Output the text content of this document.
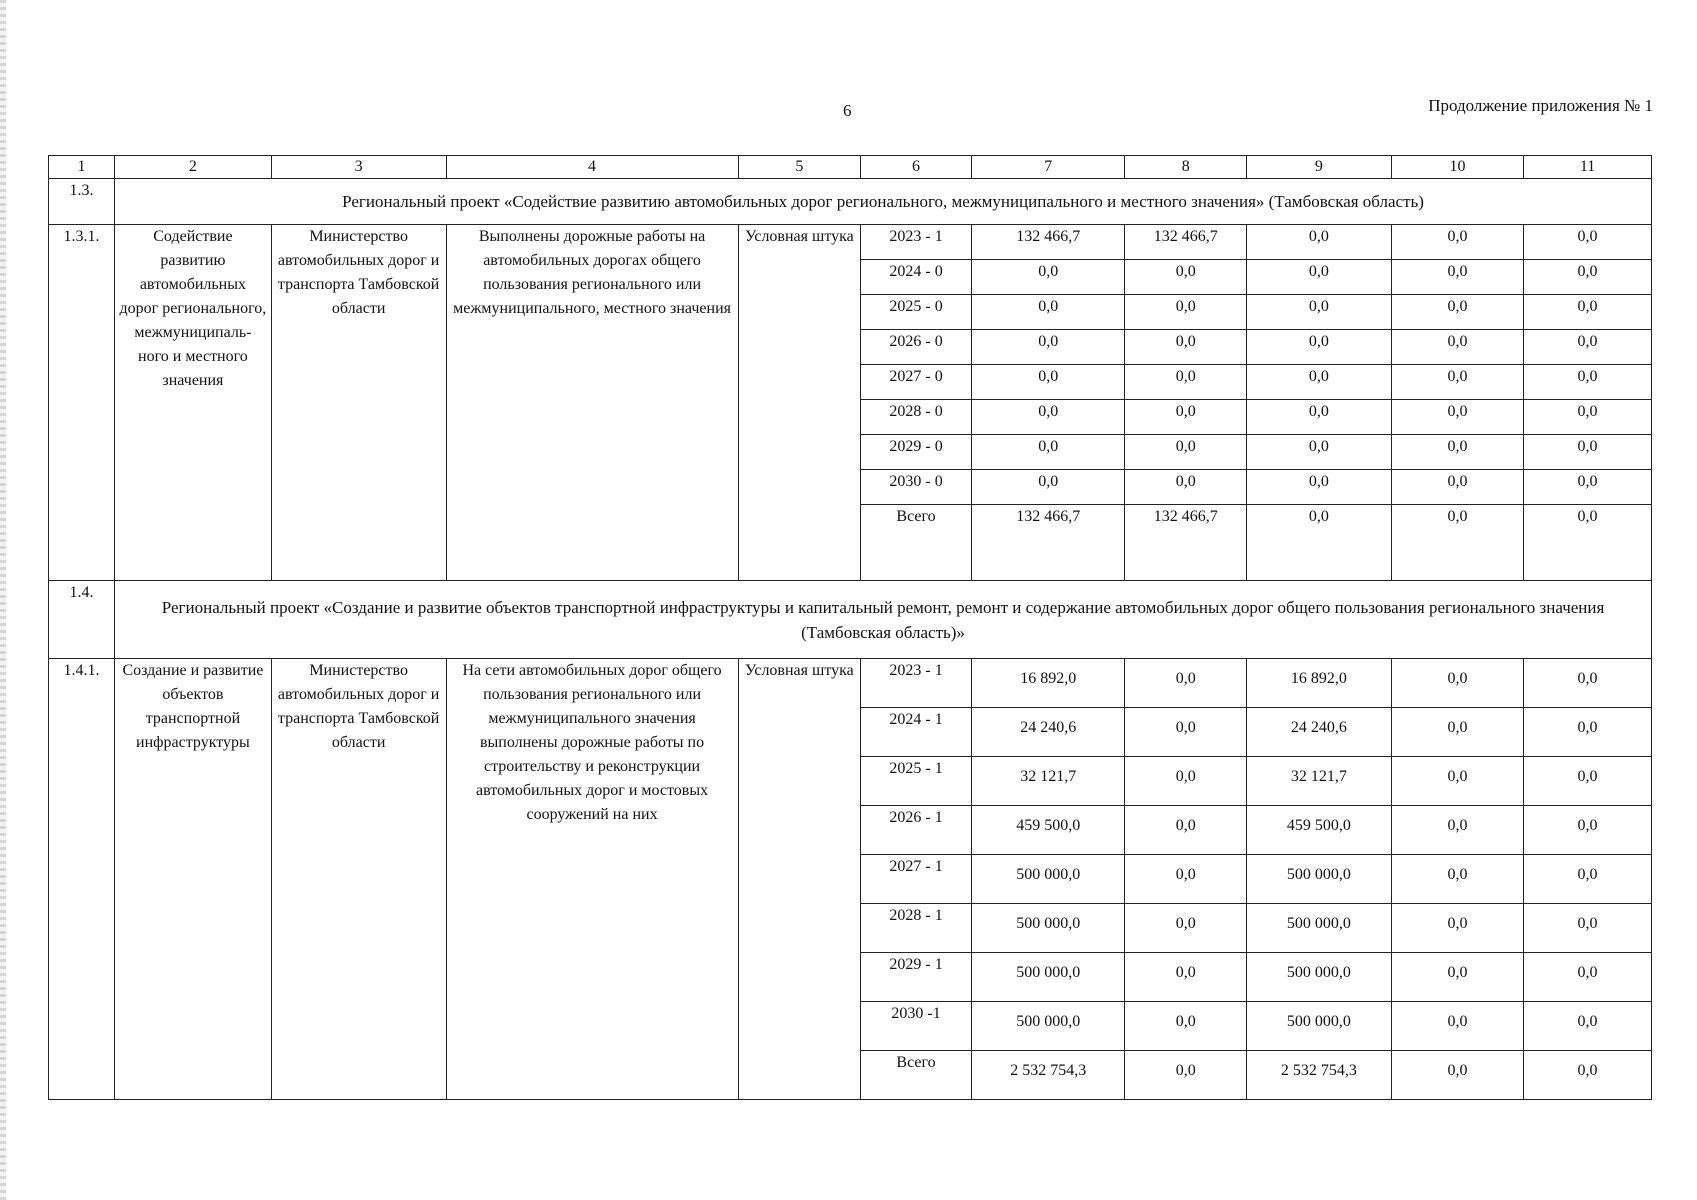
6	Продолжение приложения № 1
1	2	3	4	5	6	7	8	9	10	11
1.3.	Региональный проект «Содействие развитию автомобильных дорог регионального, межмуниципального и местного значения» (Тамбовская область)									
1.3.1.	Содействие развитию автомобильных дорог регионального, межмуниципаль-ного и местного значения	Министерство автомобильных дорог и транспорта Тамбовской области	Выполнены дорожные работы на автомобильных дорогах общего пользования регионального или межмуниципального, местного значения	Условная штука	2023 - 1	132 466,7	132 466,7	0,0	0,0	0,0
					2024 - 0	0,0	0,0	0,0	0,0	0,0
					2025 - 0	0,0	0,0	0,0	0,0	0,0
					2026 - 0	0,0	0,0	0,0	0,0	0,0
					2027 - 0	0,0	0,0	0,0	0,0	0,0
					2028 - 0	0,0	0,0	0,0	0,0	0,0
					2029 - 0	0,0	0,0	0,0	0,0	0,0
					2030 - 0	0,0	0,0	0,0	0,0	0,0
					Всего	132 466,7	132 466,7	0,0	0,0	0,0
1.4.	Региональный проект «Создание и развитие объектов транспортной инфраструктуры и капитальный ремонт, ремонт и содержание автомобильных дорог общего пользования регионального значения (Тамбовская область)»									
1.4.1.	Создание и развитие объектов транспортной инфраструктуры	Министерство автомобильных дорог и транспорта Тамбовской области	На сети автомобильных дорог общего пользования регионального или межмуниципального значения выполнены дорожные работы по строительству и реконструкции автомобильных дорог и мостовых сооружений на них	Условная штука	2023 - 1	16 892,0	0,0	16 892,0	0,0	0,0
					2024 - 1	24 240,6	0,0	24 240,6	0,0	0,0
					2025 - 1	32 121,7	0,0	32 121,7	0,0	0,0
					2026 - 1	459 500,0	0,0	459 500,0	0,0	0,0
					2027 - 1	500 000,0	0,0	500 000,0	0,0	0,0
					2028 - 1	500 000,0	0,0	500 000,0	0,0	0,0
					2029 - 1	500 000,0	0,0	500 000,0	0,0	0,0
					2030 -1	500 000,0	0,0	500 000,0	0,0	0,0
					Всего	2 532 754,3	0,0	2 532 754,3	0,0	0,0
